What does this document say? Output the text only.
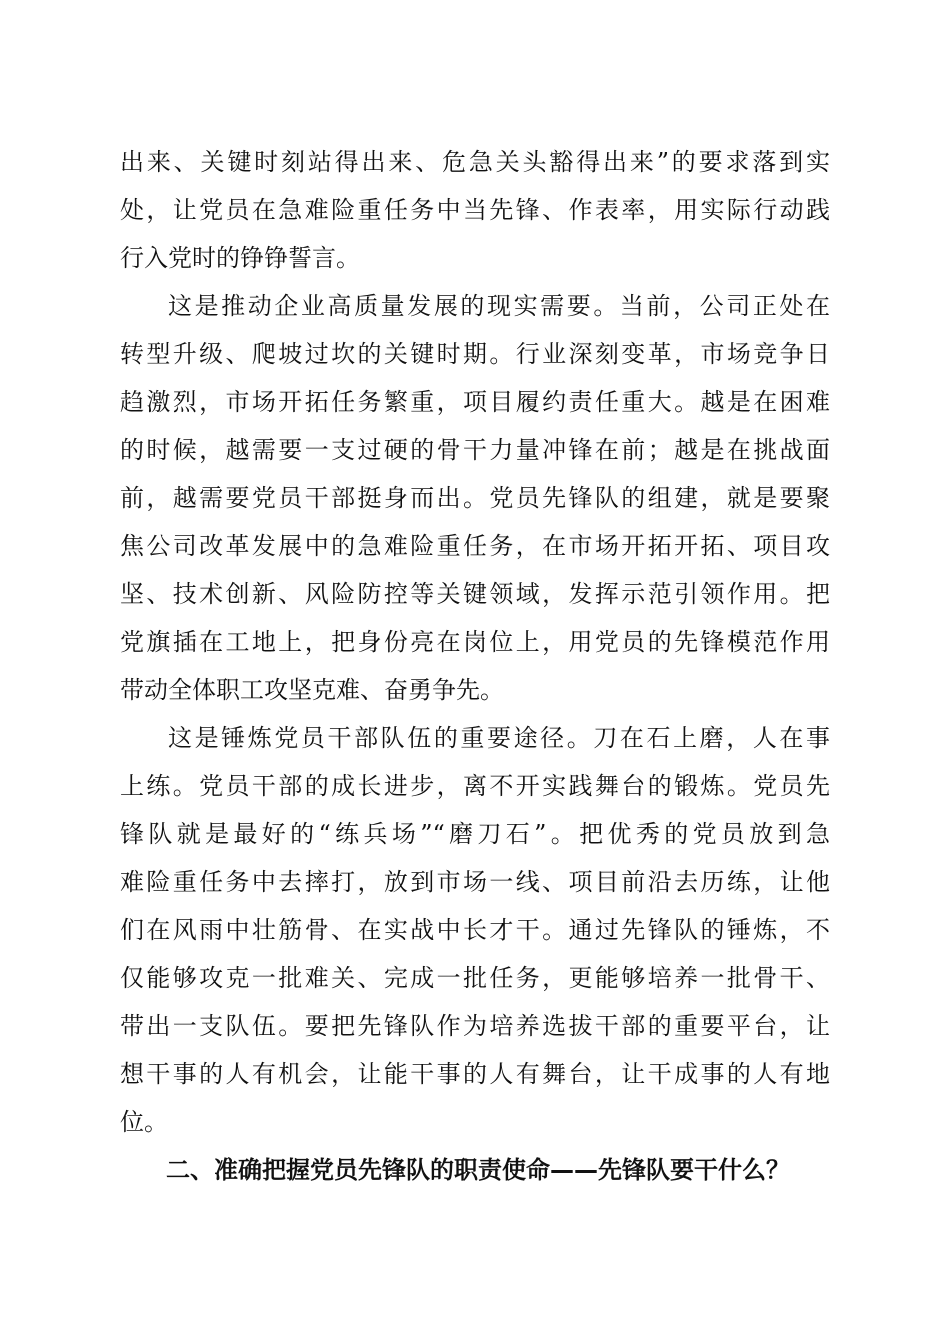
出来、关键时刻站得出来、危急关头豁得出来”的要求落到实
处，让党员在急难险重任务中当先锋、作表率，用实际行动践
行入党时的铮铮誓言。
这是推动企业高质量发展的现实需要。当前，公司正处在
转型升级、爬坡过坎的关键时期。行业深刻变革，市场竞争日
趋激烈，市场开拓任务繁重，项目履约责任重大。越是在困难
的时候，越需要一支过硬的骨干力量冲锋在前；越是在挑战面
前，越需要党员干部挺身而出。党员先锋队的组建，就是要聚
焦公司改革发展中的急难险重任务，在市场开拓开拓、项目攻
坚、技术创新、风险防控等关键领域，发挥示范引领作用。把
党旗插在工地上，把身份亮在岗位上，用党员的先锋模范作用
带动全体职工攻坚克难、奋勇争先。
这是锤炼党员干部队伍的重要途径。刀在石上磨，人在事
上练。党员干部的成长进步，离不开实践舞台的锻炼。党员先
锋队就是最好的“练兵场”“磨刀石”。把优秀的党员放到急
难险重任务中去摔打，放到市场一线、项目前沿去历练，让他
们在风雨中壮筋骨、在实战中长才干。通过先锋队的锤炼，不
仅能够攻克一批难关、完成一批任务，更能够培养一批骨干、
带出一支队伍。要把先锋队作为培养选拔干部的重要平台，让
想干事的人有机会，让能干事的人有舞台，让干成事的人有地
位。
二、准确把握党员先锋队的职责使命——先锋队要干什么？
